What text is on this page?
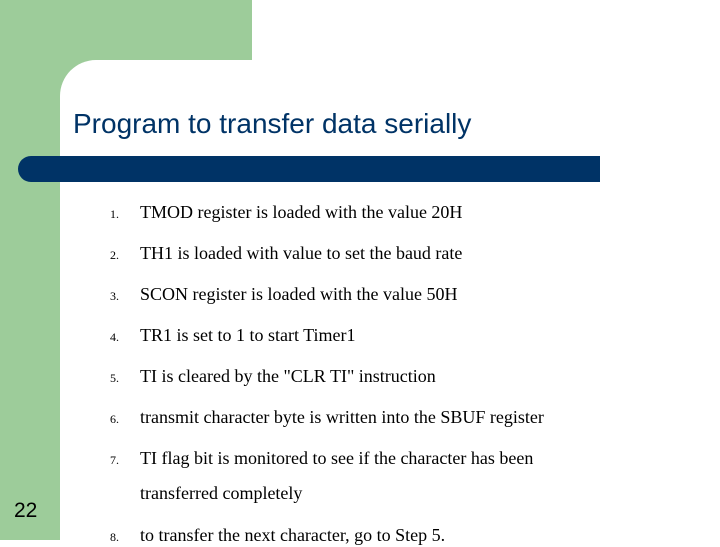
Program to transfer data serially
1. TMOD register is loaded with the value 20H
2. TH1 is loaded with value to set the baud rate
3. SCON register is loaded with the value 50H
4. TR1 is set to 1 to start Timer1
5. TI is cleared by the "CLR TI" instruction
6. transmit character byte is written into the SBUF register
7. TI flag bit is monitored to see if the character has been
transferred completely
8. to transfer the next character, go to Step 5.
22
